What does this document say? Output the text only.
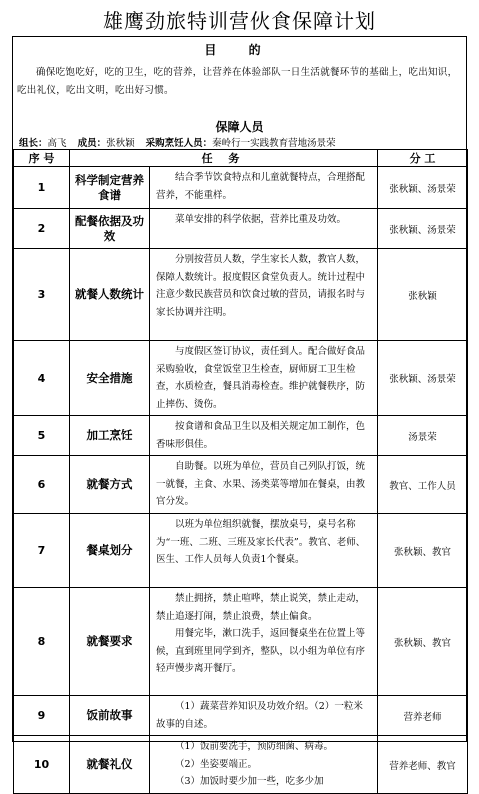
雄鹰劲旅特训营伙食保障计划
目 的
确保吃饱吃好，吃的卫生，吃的营养，让营养在体验部队一日生活就餐环节的基础上，吃出知识，吃出礼仪，吃出文明，吃出好习惯。
保障人员
组长：高飞 成员：张秋颖 采购烹饪人员：秦岭行一实践教育营地汤景荣
序 号	任 务		分 工
1	科学制定营养食谱	结合季节饮食特点和儿童就餐特点，合理搭配营养，不能重样。	张秋颖、汤景荣
2	配餐依据及功效	菜单安排的科学依据，营养比重及功效。	张秋颖、汤景荣
3	就餐人数统计	分别按营员人数，学生家长人数，教官人数，保障人数统计。报度假区食堂负责人。统计过程中注意少数民族营员和饮食过敏的营员，请报名时与家长协调并注明。	张秋颖
4	安全措施	与度假区签订协议，责任到人。配合做好食品采购验收，食堂饭堂卫生检查，厨师厨工卫生检查，水质检查，餐具消毒检查。维护就餐秩序，防止摔伤、烫伤。	张秋颖、汤景荣
5	加工烹饪	按食谱和食品卫生以及相关规定加工制作，色香味形俱佳。	汤景荣
6	就餐方式	自助餐。以班为单位，营员自己列队打饭，统一就餐，主食、水果、汤类菜等增加在餐桌，由教官分发。	教官、工作人员
7	餐桌划分	以班为单位组织就餐，摆放桌号，桌号名称为“一班、二班、三班及家长代表”。教官、老师、医生、工作人员每人负责1个餐桌。	张秋颖、教官
8	就餐要求	禁止拥挤，禁止喧哗，禁止说笑，禁止走动，禁止追逐打闹，禁止浪费，禁止偏食。
用餐完毕，漱口洗手，返回餐桌坐在位置上等候，直到班里同学到齐，整队，以小组为单位有序轻声慢步离开餐厅。	张秋颖、教官
9	饭前故事	（1）蔬菜营养知识及功效介绍。（2）一粒米故事的自述。	营养老师
10	就餐礼仪	（1）饭前要洗手，预防细菌、病毒。
（2）坐姿要端正。
（3）加饭时要少加一些，吃多少加	营养老师、教官
